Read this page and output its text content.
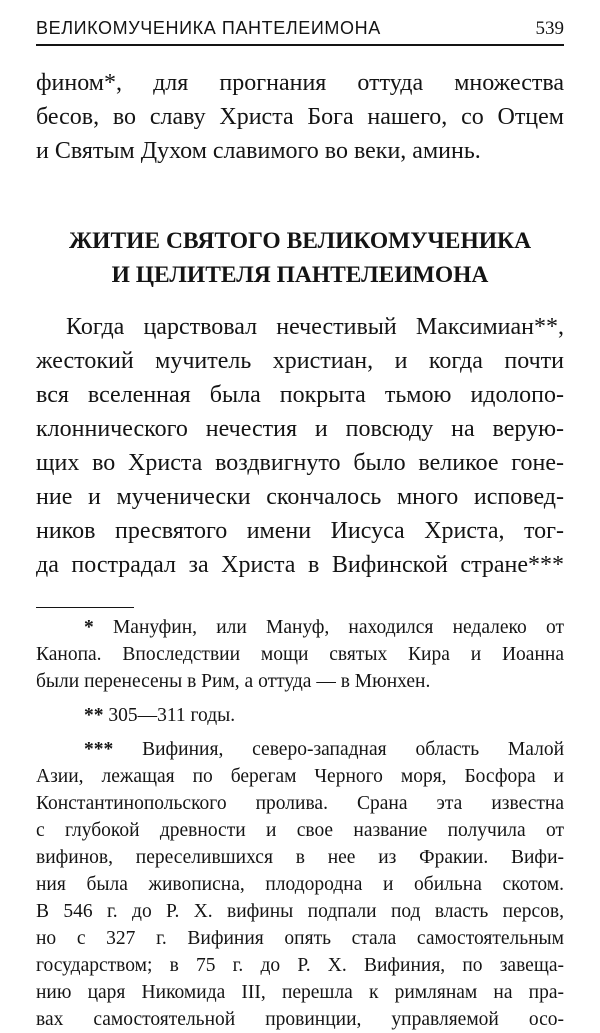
ВЕЛИКОМУЧЕНИКА ПАНТЕЛЕИМОНА	539
фином*, для прогнания оттуда множества
бесов, во славу Христа Бога нашего, со Отцем
и Святым Духом славимого во веки, аминь.
ЖИТИЕ СВЯТОГО ВЕЛИКОМУЧЕНИКА
И ЦЕЛИТЕЛЯ ПАНТЕЛЕИМОНА
Когда царствовал нечестивый Максимиан**,
жестокий мучитель христиан, и когда почти
вся вселенная была покрыта тьмою идолопо-
клоннического нечестия и повсюду на верую-
щих во Христа воздвигнуто было великое гоне-
ние и мученически скончалось много исповед-
ников пресвятого имени Иисуса Христа, тог-
да пострадал за Христа в Вифинской стране***
* Мануфин, или Мануф, находился недалеко от
Канопа. Впоследствии мощи святых Кира и Иоанна
были перенесены в Рим, а оттуда — в Мюнхен.
** 305—311 годы.
*** Вифиния, северо-западная область Малой
Азии, лежащая по берегам Черного моря, Босфора и
Константинопольского пролива. Срана эта известна
с глубокой древности и свое название получила от
вифинов, переселившихся в нее из Фракии. Вифи-
ния была живописна, плодородна и обильна скотом.
В 546 г. до Р. Х. вифины подпали под власть персов,
но с 327 г. Вифиния опять стала самостоятельным
государством; в 75 г. до Р. Х. Вифиния, по завеща-
нию царя Никомида III, перешла к римлянам на пра-
вах самостоятельной провинции, управляемой осо-
